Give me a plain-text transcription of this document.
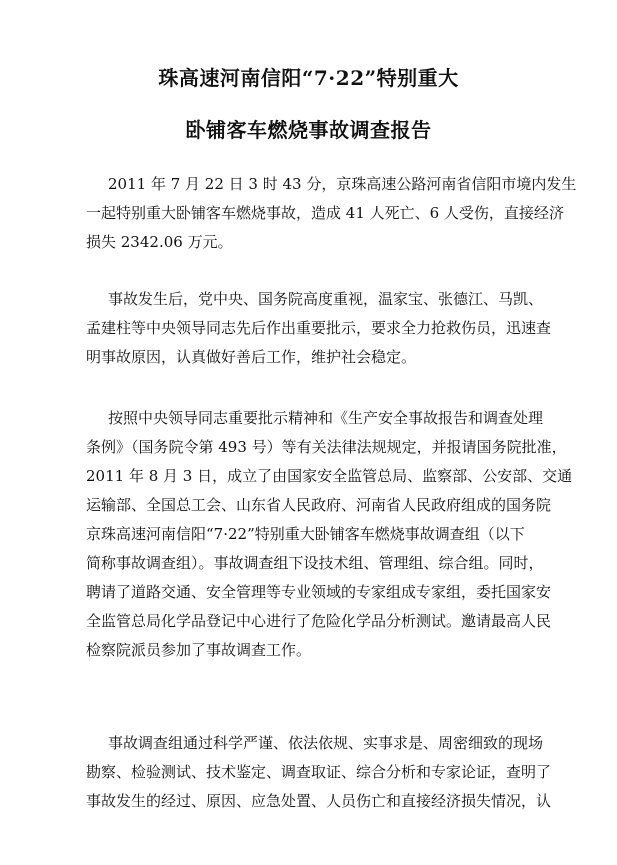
珠高速河南信阳“7·22”特别重大
卧铺客车燃烧事故调查报告

2011 年 7 月 22 日 3 时 43 分，京珠高速公路河南省信阳市境内发生

一起特别重大卧铺客车燃烧事故，造成 41 人死亡、6 人受伤，直接经济

损失 2342.06 万元。

事故发生后，党中央、国务院高度重视，温家宝、张德江、马凯、

孟建柱等中央领导同志先后作出重要批示，要求全力抢救伤员，迅速查

明事故原因，认真做好善后工作，维护社会稳定。

按照中央领导同志重要批示精神和《生产安全事故报告和调查处理

条例》（国务院令第 493 号）等有关法律法规规定，并报请国务院批准，

2011 年 8 月 3 日，成立了由国家安全监管总局、监察部、公安部、交通

运输部、全国总工会、山东省人民政府、河南省人民政府组成的国务院

京珠高速河南信阳“7·22”特别重大卧铺客车燃烧事故调查组（以下

简称事故调查组）。事故调查组下设技术组、管理组、综合组。同时，

聘请了道路交通、安全管理等专业领域的专家组成专家组，委托国家安

全监管总局化学品登记中心进行了危险化学品分析测试。邀请最高人民

检察院派员参加了事故调查工作。

事故调查组通过科学严谨、依法依规、实事求是、周密细致的现场

勘察、检验测试、技术鉴定、调查取证、综合分析和专家论证，查明了

事故发生的经过、原因、应急处置、人员伤亡和直接经济损失情况，认
